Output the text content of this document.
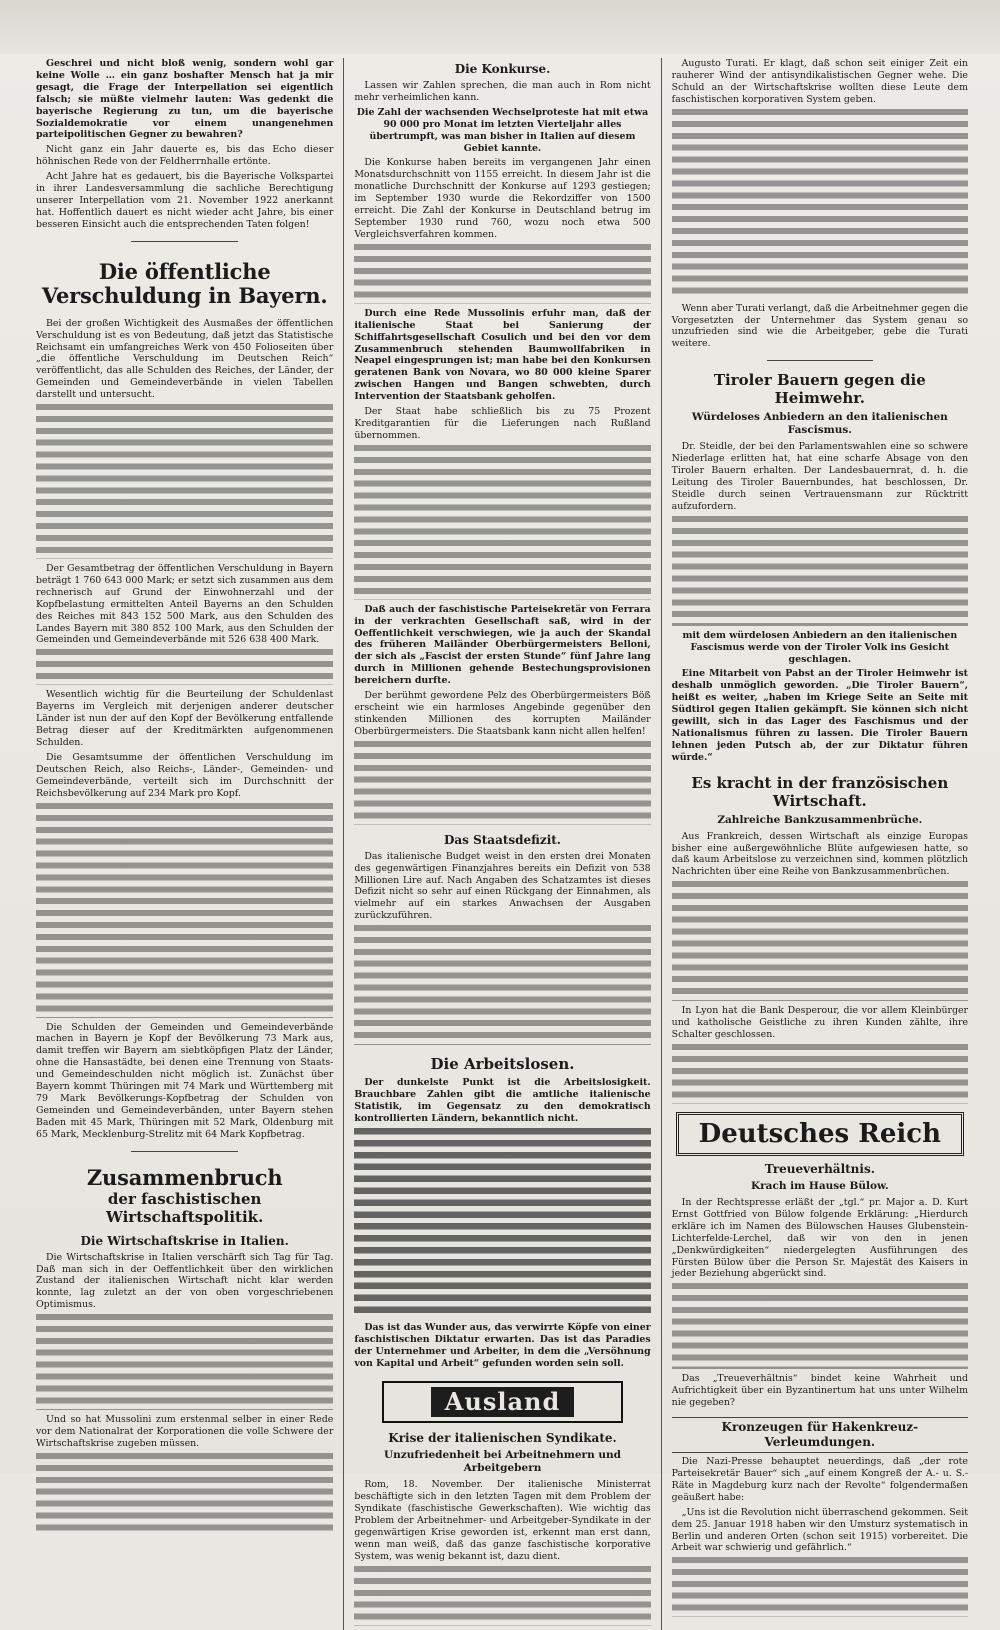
Geschrei und nicht bloß wenig, sondern wohl gar keine Wolle … ein ganz boshafter Mensch hat ja mir gesagt, die Frage der Interpellation sei eigentlich falsch; sie müßte vielmehr lauten: Was gedenkt die bayerische Regierung zu tun, um die bayerische Sozialdemokratie vor einem unangenehmen parteipolitischen Gegner zu bewahren?

Nicht ganz ein Jahr dauerte es, bis das Echo dieser höhnischen Rede von der Feldherrnhalle ertönte.

Acht Jahre hat es gedauert, bis die Bayerische Volkspartei in ihrer Landesversammlung die sachliche Berechtigung unserer Interpellation vom 21. November 1922 anerkannt hat. Hoffentlich dauert es nicht wieder acht Jahre, bis einer besseren Einsicht auch die entsprechenden Taten folgen!

Die öffentliche Verschuldung in Bayern.

Bei der großen Wichtigkeit des Ausmaßes der öffentlichen Verschuldung ist es von Bedeutung, daß jetzt das Statistische Reichsamt ein umfangreiches Werk von 450 Folioseiten über „die öffentliche Verschuldung im Deutschen Reich“ veröffentlicht, das alle Schulden des Reiches, der Länder, der Gemeinden und Gemeindeverbände in vielen Tabellen darstellt und untersucht.

Der Gesamtbetrag der öffentlichen Verschuldung in Bayern beträgt 1 760 643 000 Mark; er setzt sich zusammen aus dem rechnerisch auf Grund der Einwohnerzahl und der Kopfbelastung ermittelten Anteil Bayerns an den Schulden des Reiches mit 843 152 500 Mark, aus den Schulden des Landes Bayern mit 380 852 100 Mark, aus den Schulden der Gemeinden und Gemeindeverbände mit 526 638 400 Mark.

Wesentlich wichtig für die Beurteilung der Schuldenlast Bayerns im Vergleich mit derjenigen anderer deutscher Länder ist nun der auf den Kopf der Bevölkerung entfallende Betrag dieser auf der Kreditmärkten aufgenommenen Schulden.

Die Gesamtsumme der öffentlichen Verschuldung im Deutschen Reich, also Reichs-, Länder-, Gemeinden- und Gemeindeverbände, verteilt sich im Durchschnitt der Reichsbevölkerung auf 234 Mark pro Kopf.

Die Schulden der Gemeinden und Gemeindeverbände machen in Bayern je Kopf der Bevölkerung 73 Mark aus, damit treffen wir Bayern am siebtköpfigen Platz der Länder, ohne die Hansastädte, bei denen eine Trennung von Staats- und Gemeindeschulden nicht möglich ist. Zunächst über Bayern kommt Thüringen mit 74 Mark und Württemberg mit 79 Mark Bevölkerungs-Kopfbetrag der Schulden von Gemeinden und Gemeindeverbänden, unter Bayern stehen Baden mit 45 Mark, Thüringen mit 52 Mark, Oldenburg mit 65 Mark, Mecklenburg-Strelitz mit 64 Mark Kopfbetrag.

Zusammenbruch
der faschistischen Wirtschaftspolitik.
Die Wirtschaftskrise in Italien.

Die Wirtschaftskrise in Italien verschärft sich Tag für Tag. Daß man sich in der Oeffentlichkeit über den wirklichen Zustand der italienischen Wirtschaft nicht klar werden konnte, lag zuletzt an der von oben vorgeschriebenen Optimismus.

Und so hat Mussolini zum erstenmal selber in einer Rede vor dem Nationalrat der Korporationen die volle Schwere der Wirtschaftskrise zugeben müssen.

Die Konkurse.

Lassen wir Zahlen sprechen, die man auch in Rom nicht mehr verheimlichen kann.

Die Zahl der wachsenden Wechselproteste hat mit etwa 90 000 pro Monat im letzten Vierteljahr alles übertrumpft, was man bisher in Italien auf diesem Gebiet kannte.

Die Konkurse haben bereits im vergangenen Jahr einen Monatsdurchschnitt von 1155 erreicht. In diesem Jahr ist die monatliche Durchschnitt der Konkurse auf 1293 gestiegen; im September 1930 wurde die Rekordziffer von 1500 erreicht. Die Zahl der Konkurse in Deutschland betrug im September 1930 rund 760, wozu noch etwa 500 Vergleichsverfahren kommen.

Durch eine Rede Mussolinis erfuhr man, daß der italienische Staat bei Sanierung der Schiffahrtsgesellschaft Cosulich und bei den vor dem Zusammenbruch stehenden Baumwollfabriken in Neapel eingesprungen ist; man habe bei den Konkursen geratenen Bank von Novara, wo 80 000 kleine Sparer zwischen Hangen und Bangen schwebten, durch Intervention der Staatsbank geholfen.

Der Staat habe schließlich bis zu 75 Prozent Kreditgarantien für die Lieferungen nach Rußland übernommen.

Daß auch der faschistische Parteisekretär von Ferrara in der verkrachten Gesellschaft saß, wird in der Oeffentlichkeit verschwiegen, wie ja auch der Skandal des früheren Mailänder Oberbürgermeisters Belloni, der sich als „Fascist der ersten Stunde“ fünf Jahre lang durch in Millionen gehende Bestechungsprovisionen bereichern durfte.

Der berühmt gewordene Pelz des Oberbürgermeisters Böß erscheint wie ein harmloses Angebinde gegenüber den stinkenden Millionen des korrupten Mailänder Oberbürgermeisters. Die Staatsbank kann nicht allen helfen!

Das Staatsdefizit.

Das italienische Budget weist in den ersten drei Monaten des gegenwärtigen Finanzjahres bereits ein Defizit von 538 Millionen Lire auf. Nach Angaben des Schatzamtes ist dieses Defizit nicht so sehr auf einen Rückgang der Einnahmen, als vielmehr auf ein starkes Anwachsen der Ausgaben zurückzuführen.

Die Arbeitslosen.

Der dunkelste Punkt ist die Arbeitslosigkeit. Brauchbare Zahlen gibt die amtliche italienische Statistik, im Gegensatz zu den demokratisch kontrollierten Ländern, bekanntlich nicht.

Das ist das Wunder aus, das verwirrte Köpfe von einer faschistischen Diktatur erwarten. Das ist das Paradies der Unternehmer und Arbeiter, in dem die „Versöhnung von Kapital und Arbeit“ gefunden worden sein soll.

Ausland
Krise der italienischen Syndikate.
Unzufriedenheit bei Arbeitnehmern und Arbeitgebern

Rom, 18. November. Der italienische Ministerrat beschäftigte sich in den letzten Tagen mit dem Problem der Syndikate (faschistische Gewerkschaften). Wie wichtig das Problem der Arbeitnehmer- und Arbeitgeber-Syndikate in der gegenwärtigen Krise geworden ist, erkennt man erst dann, wenn man weiß, daß das ganze faschistische korporative System, was wenig bekannt ist, dazu dient.

Augusto Turati. Er klagt, daß schon seit einiger Zeit ein rauherer Wind der antisyndikalistischen Gegner wehe. Die Schuld an der Wirtschaftskrise wollten diese Leute dem faschistischen korporativen System geben.

Wenn aber Turati verlangt, daß die Arbeitnehmer gegen die Vorgesetzten der Unternehmer das System genau so unzufrieden sind wie die Arbeitgeber, gebe die Turati weitere.

Tiroler Bauern gegen die Heimwehr.
Würdeloses Anbiedern an den italienischen Fascismus.

Dr. Steidle, der bei den Parlamentswahlen eine so schwere Niederlage erlitten hat, hat eine scharfe Absage von den Tiroler Bauern erhalten. Der Landesbauernrat, d. h. die Leitung des Tiroler Bauernbundes, hat beschlossen, Dr. Steidle durch seinen Vertrauensmann zur Rücktritt aufzufordern.

mit dem würdelosen Anbiedern an den italienischen Fascismus werde von der Tiroler Volk ins Gesicht geschlagen.

Eine Mitarbeit von Pabst an der Tiroler Heimwehr ist deshalb unmöglich geworden. „Die Tiroler Bauern“, heißt es weiter, „haben im Kriege Seite an Seite mit Südtirol gegen Italien gekämpft. Sie können sich nicht gewillt, sich in das Lager des Faschismus und der Nationalismus führen zu lassen. Die Tiroler Bauern lehnen jeden Putsch ab, der zur Diktatur führen würde.“

Es kracht in der französischen Wirtschaft.
Zahlreiche Bankzusammenbrüche.

Aus Frankreich, dessen Wirtschaft als einzige Europas bisher eine außergewöhnliche Blüte aufgewiesen hatte, so daß kaum Arbeitslose zu verzeichnen sind, kommen plötzlich Nachrichten über eine Reihe von Bankzusammenbrüchen.

In Lyon hat die Bank Desperour, die vor allem Kleinbürger und katholische Geistliche zu ihren Kunden zählte, ihre Schalter geschlossen.

Deutsches Reich
Treueverhältnis.
Krach im Hause Bülow.

In der Rechtspresse erläßt der „tgl.“ pr. Major a. D. Kurt Ernst Gottfried von Bülow folgende Erklärung: „Hierdurch erkläre ich im Namen des Bülowschen Hauses Glubenstein-Lichterfelde-Lerchel, daß wir von den in jenen „Denkwürdigkeiten“ niedergelegten Ausführungen des Fürsten Bülow über die Person Sr. Majestät des Kaisers in jeder Beziehung abgerückt sind.

Das „Treueverhältnis“ bindet keine Wahrheit und Aufrichtigkeit über ein Byzantinertum hat uns unter Wilhelm nie gegeben?

Kronzeugen für Hakenkreuz-Verleumdungen.

Die Nazi-Presse behauptet neuerdings, daß „der rote Parteisekretär Bauer“ sich „auf einem Kongreß der A.- u. S.-Räte in Magdeburg kurz nach der Revolte“ folgendermaßen geäußert habe:

„Uns ist die Revolution nicht überraschend gekommen. Seit dem 25. Januar 1918 haben wir den Umsturz systematisch in Berlin und anderen Orten (schon seit 1915) vorbereitet. Die Arbeit war schwierig und gefährlich.“
